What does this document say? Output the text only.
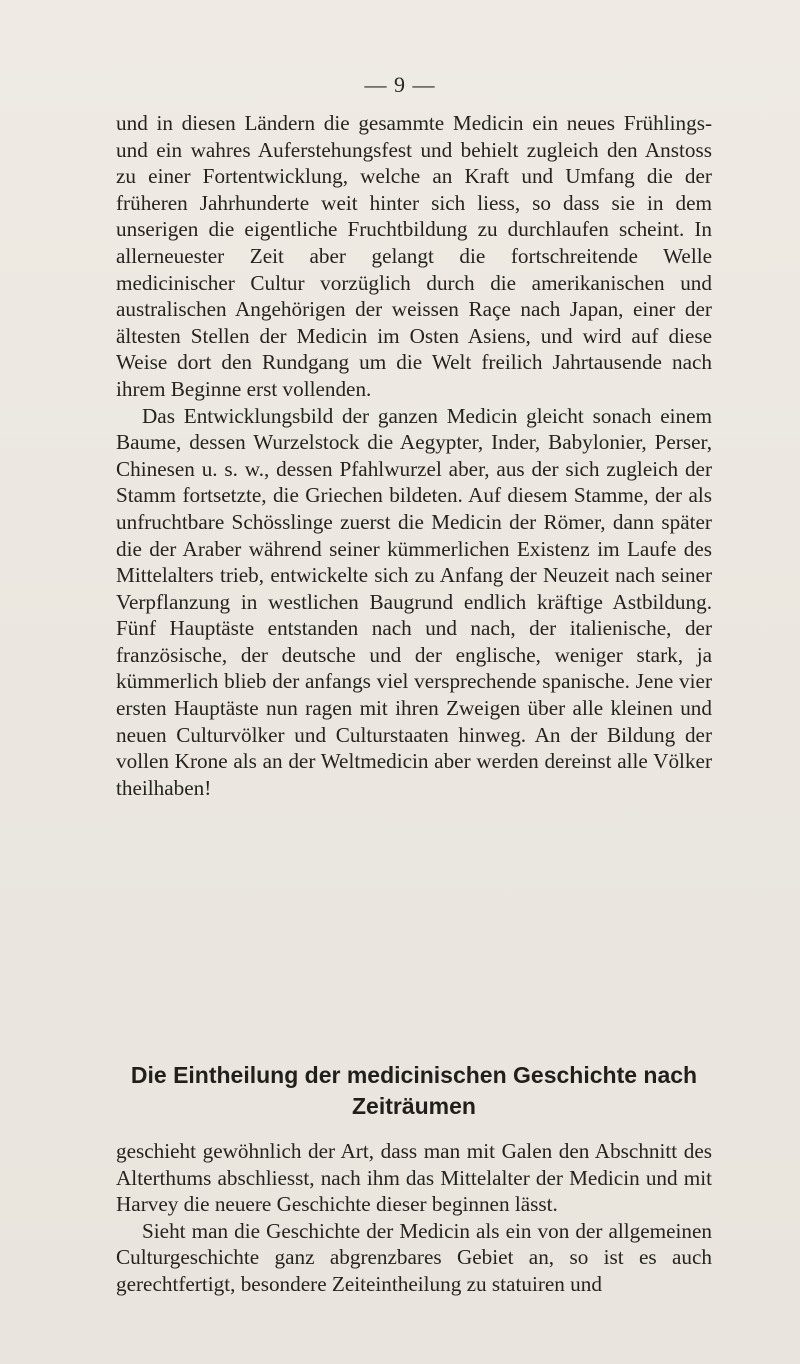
— 9 —

und in diesen Ländern die gesammte Medicin ein neues Frühlings- und ein wahres Auferstehungsfest und behielt zugleich den Anstoss zu einer Fortentwicklung, welche an Kraft und Umfang die der früheren Jahrhunderte weit hinter sich liess, so dass sie in dem unserigen die eigentliche Fruchtbildung zu durchlaufen scheint. In allerneuester Zeit aber gelangt die fortschreitende Welle medicinischer Cultur vorzüglich durch die amerikanischen und australischen Angehörigen der weissen Raçe nach Japan, einer der ältesten Stellen der Medicin im Osten Asiens, und wird auf diese Weise dort den Rundgang um die Welt freilich Jahrtausende nach ihrem Beginne erst vollenden.

Das Entwicklungsbild der ganzen Medicin gleicht sonach einem Baume, dessen Wurzelstock die Aegypter, Inder, Babylonier, Perser, Chinesen u. s. w., dessen Pfahlwurzel aber, aus der sich zugleich der Stamm fortsetzte, die Griechen bildeten. Auf diesem Stamme, der als unfruchtbare Schösslinge zuerst die Medicin der Römer, dann später die der Araber während seiner kümmerlichen Existenz im Laufe des Mittelalters trieb, entwickelte sich zu Anfang der Neuzeit nach seiner Verpflanzung in westlichen Baugrund endlich kräftige Astbildung. Fünf Hauptäste entstanden nach und nach, der italienische, der französische, der deutsche und der englische, weniger stark, ja kümmerlich blieb der anfangs viel versprechende spanische. Jene vier ersten Hauptäste nun ragen mit ihren Zweigen über alle kleinen und neuen Culturvölker und Culturstaaten hinweg. An der Bildung der vollen Krone als an der Weltmedicin aber werden dereinst alle Völker theilhaben!

Die Eintheilung der medicinischen Geschichte nach
Zeiträumen

geschieht gewöhnlich der Art, dass man mit Galen den Abschnitt des Alterthums abschliesst, nach ihm das Mittelalter der Medicin und mit Harvey die neuere Geschichte dieser beginnen lässt.

Sieht man die Geschichte der Medicin als ein von der allgemeinen Culturgeschichte ganz abgrenzbares Gebiet an, so ist es auch gerechtfertigt, besondere Zeiteintheilung zu statuiren und
